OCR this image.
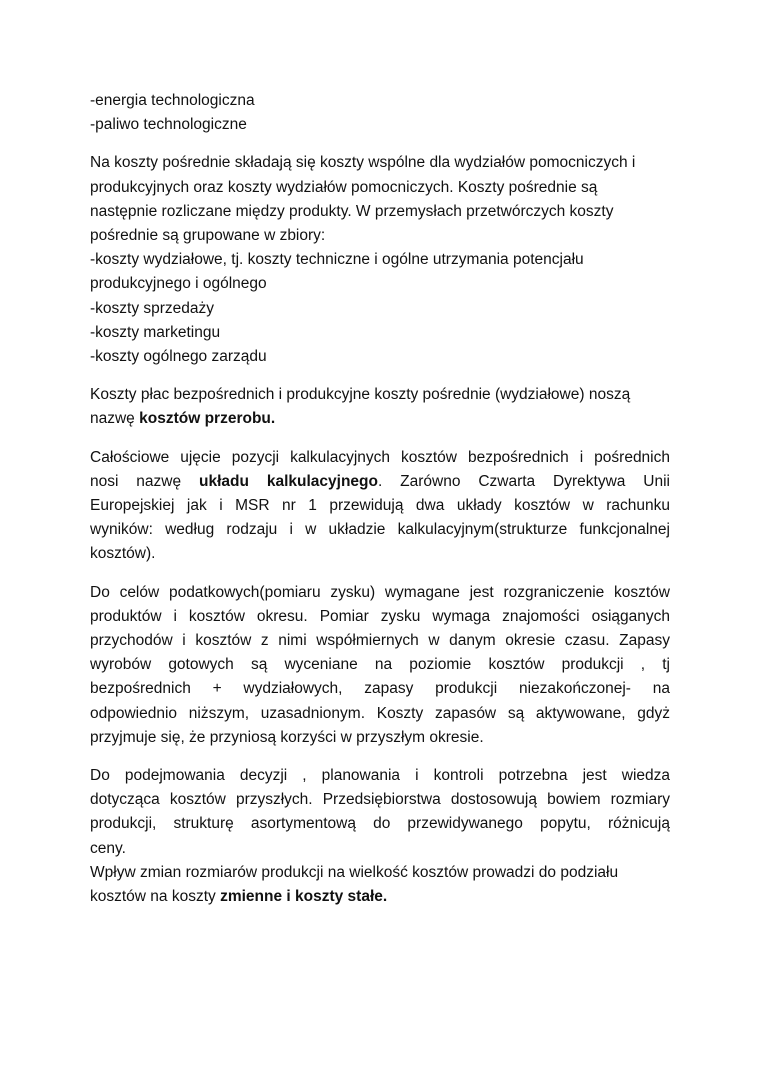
-energia technologiczna

-paliwo technologiczne

Na koszty pośrednie składają się koszty wspólne dla wydziałów pomocniczych i

produkcyjnych oraz koszty wydziałów pomocniczych. Koszty pośrednie są

następnie rozliczane między produkty. W przemysłach przetwórczych koszty

pośrednie są grupowane w zbiory:

-koszty wydziałowe, tj. koszty techniczne i ogólne utrzymania potencjału

produkcyjnego i ogólnego

-koszty sprzedaży

-koszty marketingu

-koszty ogólnego zarządu

Koszty płac bezpośrednich i produkcyjne koszty pośrednie (wydziałowe) noszą

nazwę kosztów przerobu.

Całościowe ujęcie pozycji kalkulacyjnych kosztów bezpośrednich i pośrednich

nosi nazwę układu kalkulacyjnego. Zarówno Czwarta Dyrektywa Unii

Europejskiej jak i MSR nr 1 przewidują dwa układy kosztów w rachunku

wyników: według rodzaju i w układzie kalkulacyjnym(strukturze funkcjonalnej

kosztów).

Do celów podatkowych(pomiaru zysku) wymagane jest rozgraniczenie kosztów

produktów i kosztów okresu. Pomiar zysku wymaga znajomości osiąganych

przychodów i kosztów z nimi współmiernych w danym okresie czasu. Zapasy

wyrobów gotowych są wyceniane na poziomie kosztów produkcji , tj

bezpośrednich + wydziałowych, zapasy produkcji niezakończonej- na

odpowiednio niższym, uzasadnionym. Koszty zapasów są aktywowane, gdyż

przyjmuje się, że przyniosą korzyści w przyszłym okresie.

Do podejmowania decyzji , planowania i kontroli potrzebna jest wiedza

dotycząca kosztów przyszłych. Przedsiębiorstwa dostosowują bowiem rozmiary

produkcji, strukturę asortymentową do przewidywanego popytu, różnicują

ceny.

Wpływ zmian rozmiarów produkcji na wielkość kosztów prowadzi do podziału

kosztów na koszty zmienne i koszty stałe.
